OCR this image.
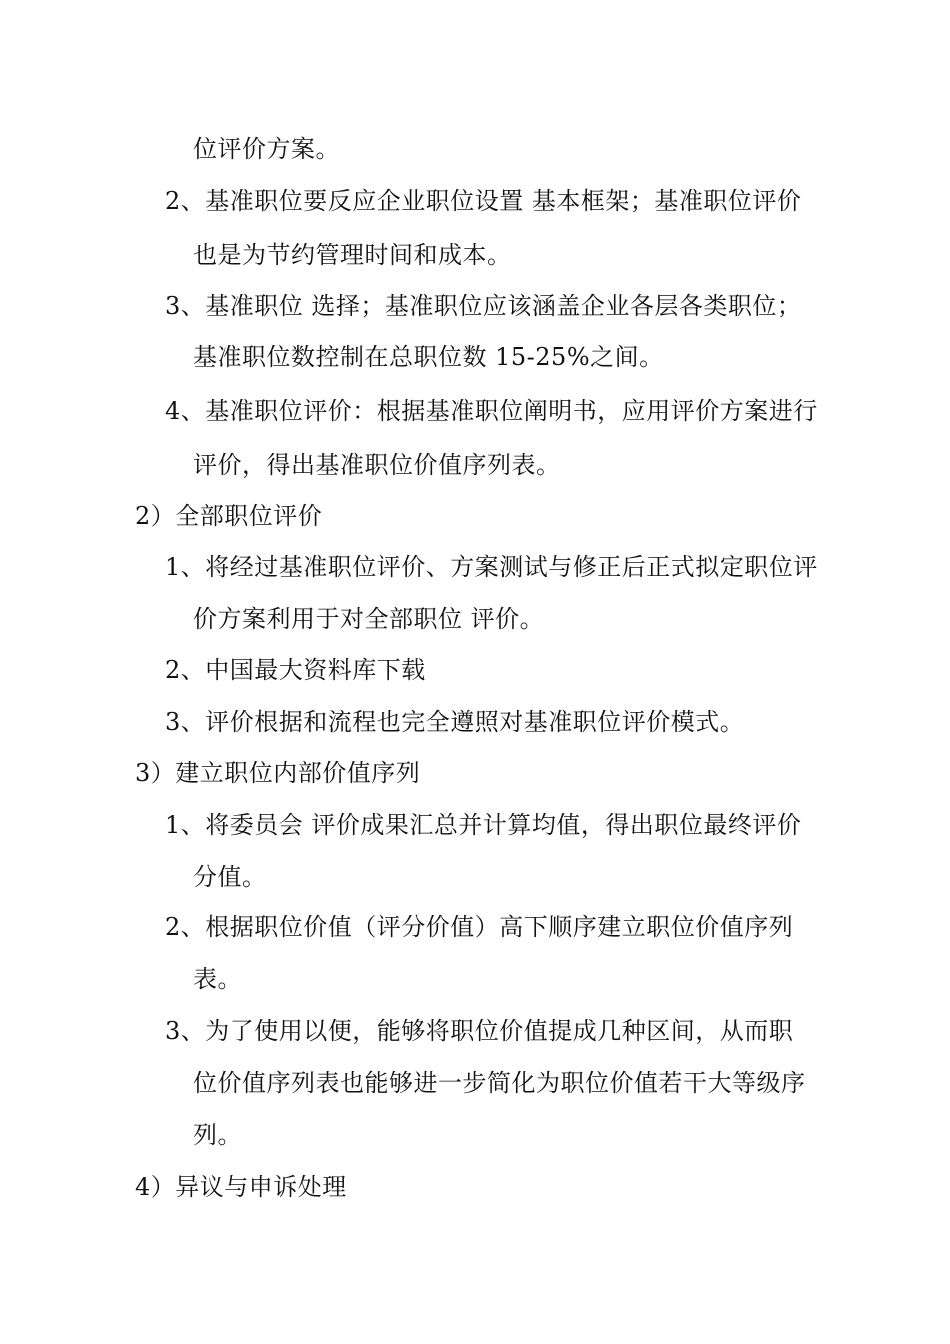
位评价方案。
2、基准职位要反应企业职位设置 基本框架；基准职位评价
也是为节约管理时间和成本。
3、基准职位 选择；基准职位应该涵盖企业各层各类职位；
基准职位数控制在总职位数 15-25%之间。
4、基准职位评价：根据基准职位阐明书，应用评价方案进行
评价，得出基准职位价值序列表。
2）全部职位评价
1、将经过基准职位评价、方案测试与修正后正式拟定职位评
价方案利用于对全部职位 评价。
2、中国最大资料库下载
3、评价根据和流程也完全遵照对基准职位评价模式。
3）建立职位内部价值序列
1、将委员会 评价成果汇总并计算均值，得出职位最终评价
分值。
2、根据职位价值（评分价值）高下顺序建立职位价值序列
表。
3、为了使用以便，能够将职位价值提成几种区间，从而职
位价值序列表也能够进一步简化为职位价值若干大等级序
列。
4）异议与申诉处理
